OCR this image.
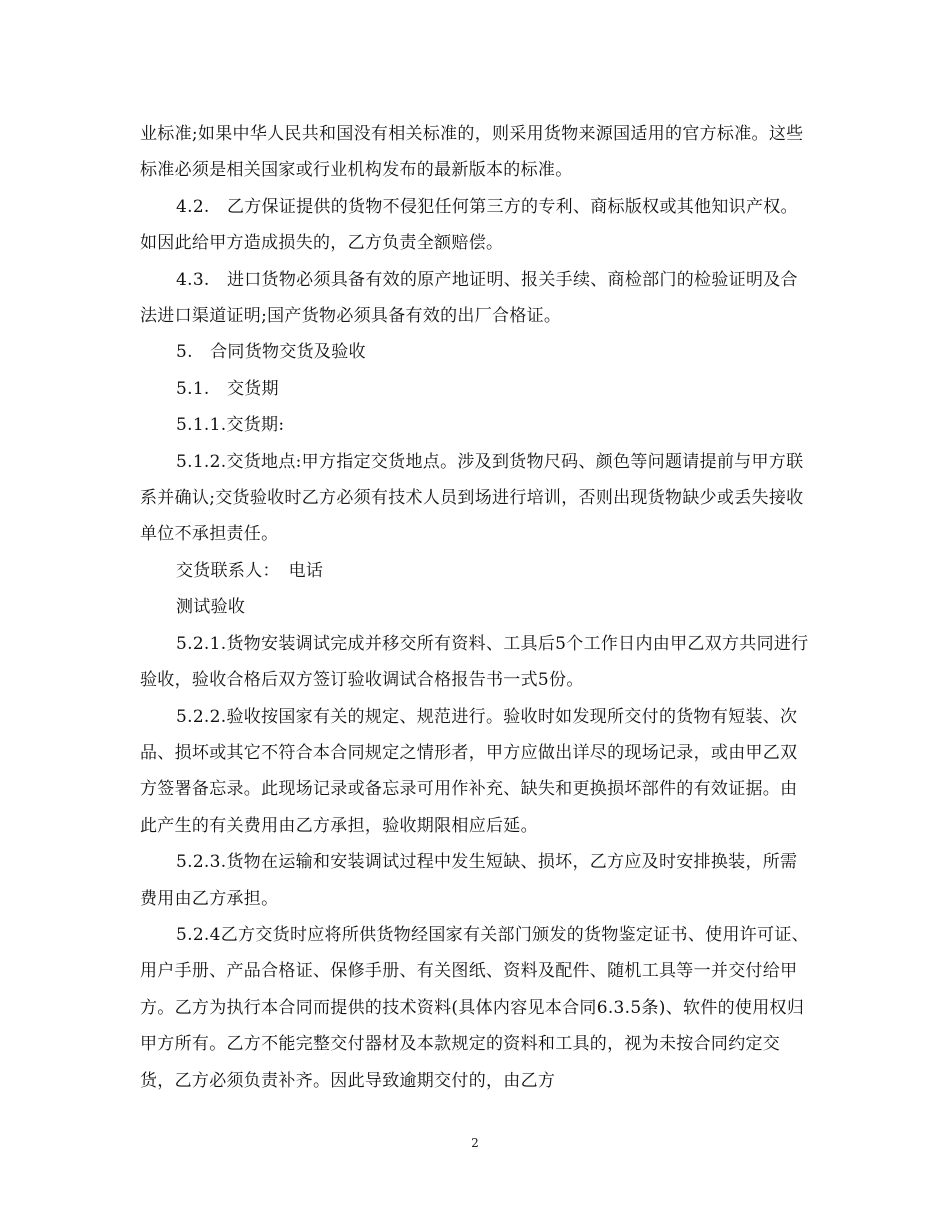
业标准;如果中华人民共和国没有相关标准的，则采用货物来源国适用的官方标准。这些标准必须是相关国家或行业机构发布的最新版本的标准。

4.2.　乙方保证提供的货物不侵犯任何第三方的专利、商标版权或其他知识产权。如因此给甲方造成损失的，乙方负责全额赔偿。

4.3.　进口货物必须具备有效的原产地证明、报关手续、商检部门的检验证明及合法进口渠道证明;国产货物必须具备有效的出厂合格证。

5.　合同货物交货及验收

5.1.　交货期

5.1.1.交货期:

5.1.2.交货地点:甲方指定交货地点。涉及到货物尺码、颜色等问题请提前与甲方联系并确认;交货验收时乙方必须有技术人员到场进行培训，否则出现货物缺少或丢失接收单位不承担责任。

交货联系人：　电话

测试验收

5.2.1.货物安装调试完成并移交所有资料、工具后5个工作日内由甲乙双方共同进行验收，验收合格后双方签订验收调试合格报告书一式5份。

5.2.2.验收按国家有关的规定、规范进行。验收时如发现所交付的货物有短装、次品、损坏或其它不符合本合同规定之情形者，甲方应做出详尽的现场记录，或由甲乙双方签署备忘录。此现场记录或备忘录可用作补充、缺失和更换损坏部件的有效证据。由此产生的有关费用由乙方承担，验收期限相应后延。

5.2.3.货物在运输和安装调试过程中发生短缺、损坏，乙方应及时安排换装，所需费用由乙方承担。

5.2.4乙方交货时应将所供货物经国家有关部门颁发的货物鉴定证书、使用许可证、用户手册、产品合格证、保修手册、有关图纸、资料及配件、随机工具等一并交付给甲方。乙方为执行本合同而提供的技术资料(具体内容见本合同6.3.5条)、软件的使用权归甲方所有。乙方不能完整交付器材及本款规定的资料和工具的，视为未按合同约定交货，乙方必须负责补齐。因此导致逾期交付的，由乙方

2
